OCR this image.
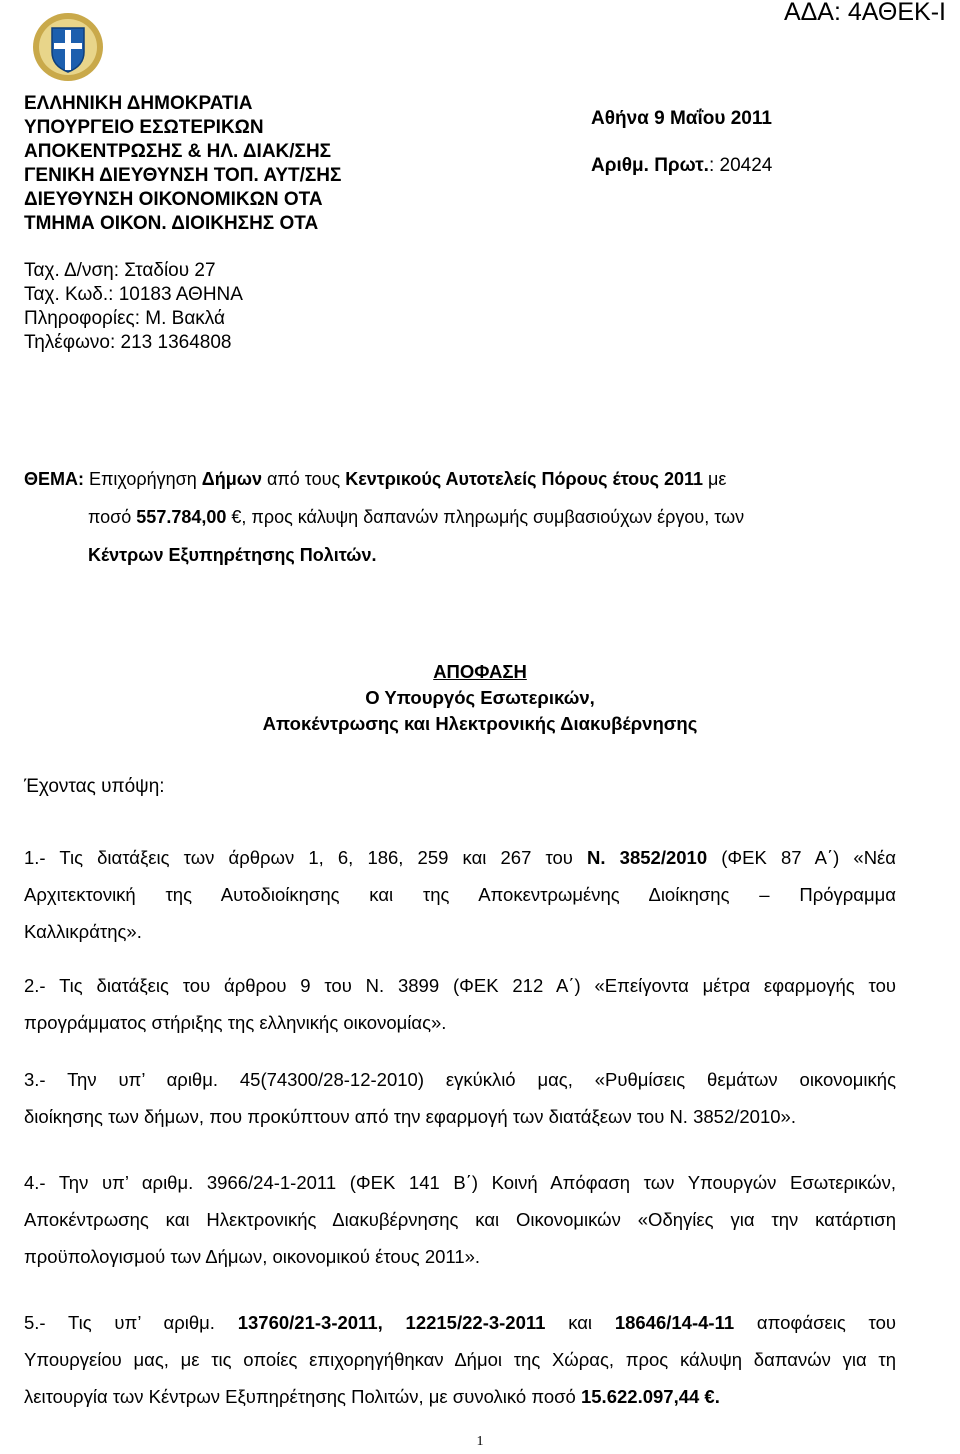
ΑΔΑ: 4ΑΘΕΚ-Ι
ΕΛΛΗΝΙΚΗ ΔΗΜΟΚΡΑΤΙΑ
ΥΠΟΥΡΓΕΙΟ ΕΣΩΤΕΡΙΚΩΝ
ΑΠΟΚΕΝΤΡΩΣΗΣ & ΗΛ. ΔΙΑΚ/ΣΗΣ
ΓΕΝΙΚΗ ΔΙΕΥΘΥΝΣΗ ΤΟΠ. ΑΥΤ/ΣΗΣ
ΔΙΕΥΘΥΝΣΗ ΟΙΚΟΝΟΜΙΚΩΝ ΟΤΑ
ΤΜΗΜΑ ΟΙΚΟΝ. ΔΙΟΙΚΗΣΗΣ ΟΤΑ
Ταχ. Δ/νση: Σταδίου 27
Ταχ. Κωδ.: 10183 ΑΘΗΝΑ
Πληροφορίες: Μ. Βακλά
Τηλέφωνο: 213 1364808
Αθήνα 9 Μαΐου 2011
Αριθμ. Πρωτ.: 20424
ΘΕΜΑ: Επιχορήγηση Δήμων από τους Κεντρικούς Αυτοτελείς Πόρους έτους 2011 με
ποσό 557.784,00 €, προς κάλυψη δαπανών πληρωμής συμβασιούχων έργου, των
Κέντρων Εξυπηρέτησης Πολιτών.
ΑΠΟΦΑΣΗ
Ο Υπουργός Εσωτερικών,
Αποκέντρωσης και Ηλεκτρονικής Διακυβέρνησης
Έχοντας υπόψη:
1.- Τις διατάξεις των άρθρων 1, 6, 186, 259 και 267 του Ν. 3852/2010 (ΦΕΚ 87 Α΄) «Νέα
Αρχιτεκτονική της Αυτοδιοίκησης και της Αποκεντρωμένης Διοίκησης – Πρόγραμμα
Καλλικράτης».
2.- Τις διατάξεις του άρθρου 9 του Ν. 3899 (ΦΕΚ 212 Α΄) «Επείγοντα μέτρα εφαρμογής του
προγράμματος στήριξης της ελληνικής οικονομίας».
3.- Την υπ’ αριθμ. 45(74300/28-12-2010) εγκύκλιό μας, «Ρυθμίσεις θεμάτων οικονομικής
διοίκησης των δήμων, που προκύπτουν από την εφαρμογή των διατάξεων του Ν. 3852/2010».
4.- Την υπ’ αριθμ. 3966/24-1-2011 (ΦΕΚ 141 Β΄) Κοινή Απόφαση των Υπουργών Εσωτερικών,
Αποκέντρωσης και Ηλεκτρονικής Διακυβέρνησης και Οικονομικών «Οδηγίες για την κατάρτιση
προϋπολογισμού των Δήμων, οικονομικού έτους 2011».
5.- Τις υπ’ αριθμ. 13760/21-3-2011, 12215/22-3-2011 και 18646/14-4-11 αποφάσεις του
Υπουργείου μας, με τις οποίες επιχορηγήθηκαν Δήμοι της Χώρας, προς κάλυψη δαπανών για τη
λειτουργία των Κέντρων Εξυπηρέτησης Πολιτών, με συνολικό ποσό 15.622.097,44 €.
1
